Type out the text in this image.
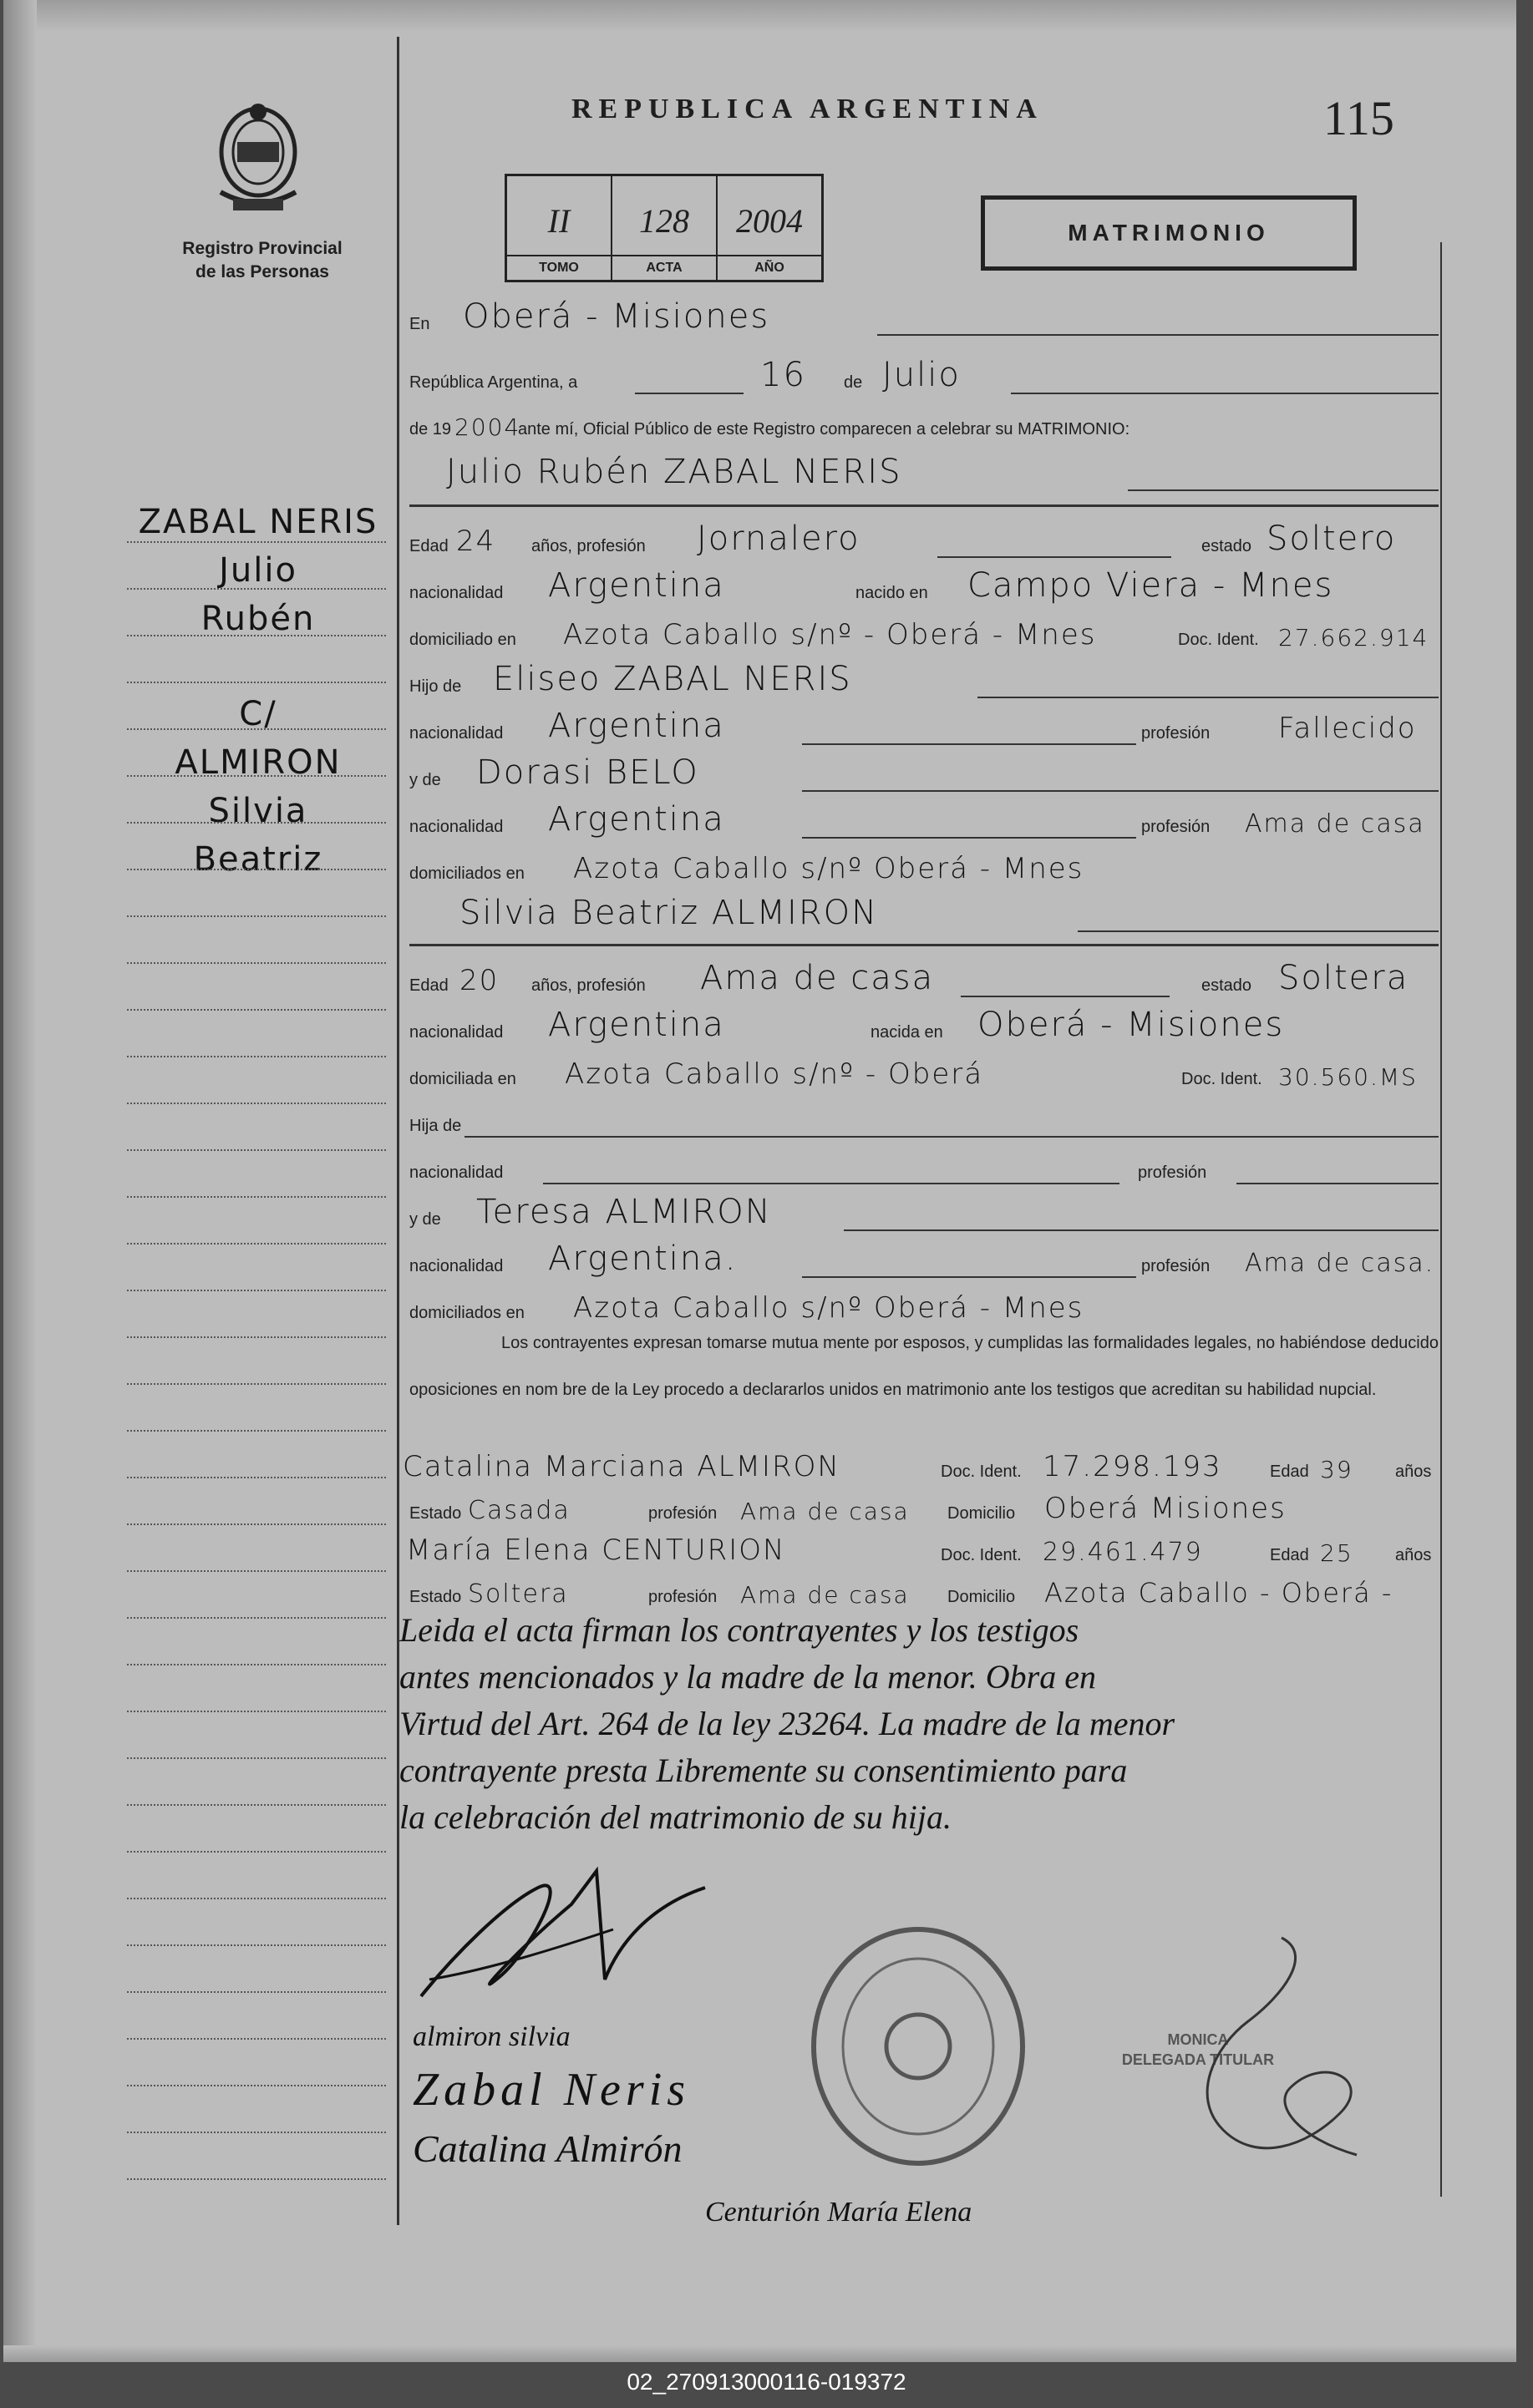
Registro Provincial
de las Personas
REPUBLICA ARGENTINA	115
II
TOMO
128
ACTA
2004
AÑO
MATRIMONIO
En Oberá - Misiones
República Argentina, a	16 de Julio
de 19 2004
ante mí, Oficial Público de este Registro comparecen a celebrar su MATRIMONIO:
Julio Rubén ZABAL NERIS
Edad 24 años, profesión Jornalero	estado Soltero
nacionalidad Argentina	nacido en Campo Viera - Mnes
domiciliado en Azota Caballo s/nº - Oberá - Mnes	Doc. Ident. 27.662.914
Hijo de Eliseo ZABAL NERIS
nacionalidad Argentina	profesión Fallecido
y de Dorasi BELO
nacionalidad Argentina	profesión Ama de casa
domiciliados en Azota Caballo s/nº Oberá - Mnes
Silvia Beatriz ALMIRON
Edad 20 años, profesión Ama de casa	estado Soltera
nacionalidad Argentina	nacida en Oberá - Misiones
domiciliada en Azota Caballo s/nº - Oberá	Doc. Ident. 30.560.MS
Hija de
nacionalidad	profesión
y de Teresa ALMIRON
nacionalidad Argentina.	profesión Ama de casa.
domiciliados en Azota Caballo s/nº Oberá - Mnes
Los contrayentes expresan tomarse mutua mente por esposos, y cumplidas las formalidades legales, no habiéndose deducido oposiciones en nom bre de la Ley procedo a declararlos unidos en matrimonio ante los testigos que acreditan su habilidad nupcial.
Catalina Marciana ALMIRON	Doc. Ident. 17.298.193	Edad 39	años
Estado Casada	profesión Ama de casa Domicilio Oberá Misiones
María Elena CENTURION	Doc. Ident. 29.461.479	Edad 25	años
Estado Soltera	profesión Ama de casa Domicilio Azota Caballo - Oberá -
Leida el acta firman los contrayentes y los testigos
antes mencionados y la madre de la menor. Obra en
Virtud del Art. 264 de la ley 23264. La madre de la menor
contrayente presta Libremente su consentimiento para
la celebración del matrimonio de su hija.
ZABAL NERIS
Julio
Rubén
C/
ALMIRON
Silvia
Beatriz
almiron silvia
Zabal Neris
Catalina Almirón
Centurión María Elena
MONICA
DELEGADA TITULAR
02_270913000116-019372
